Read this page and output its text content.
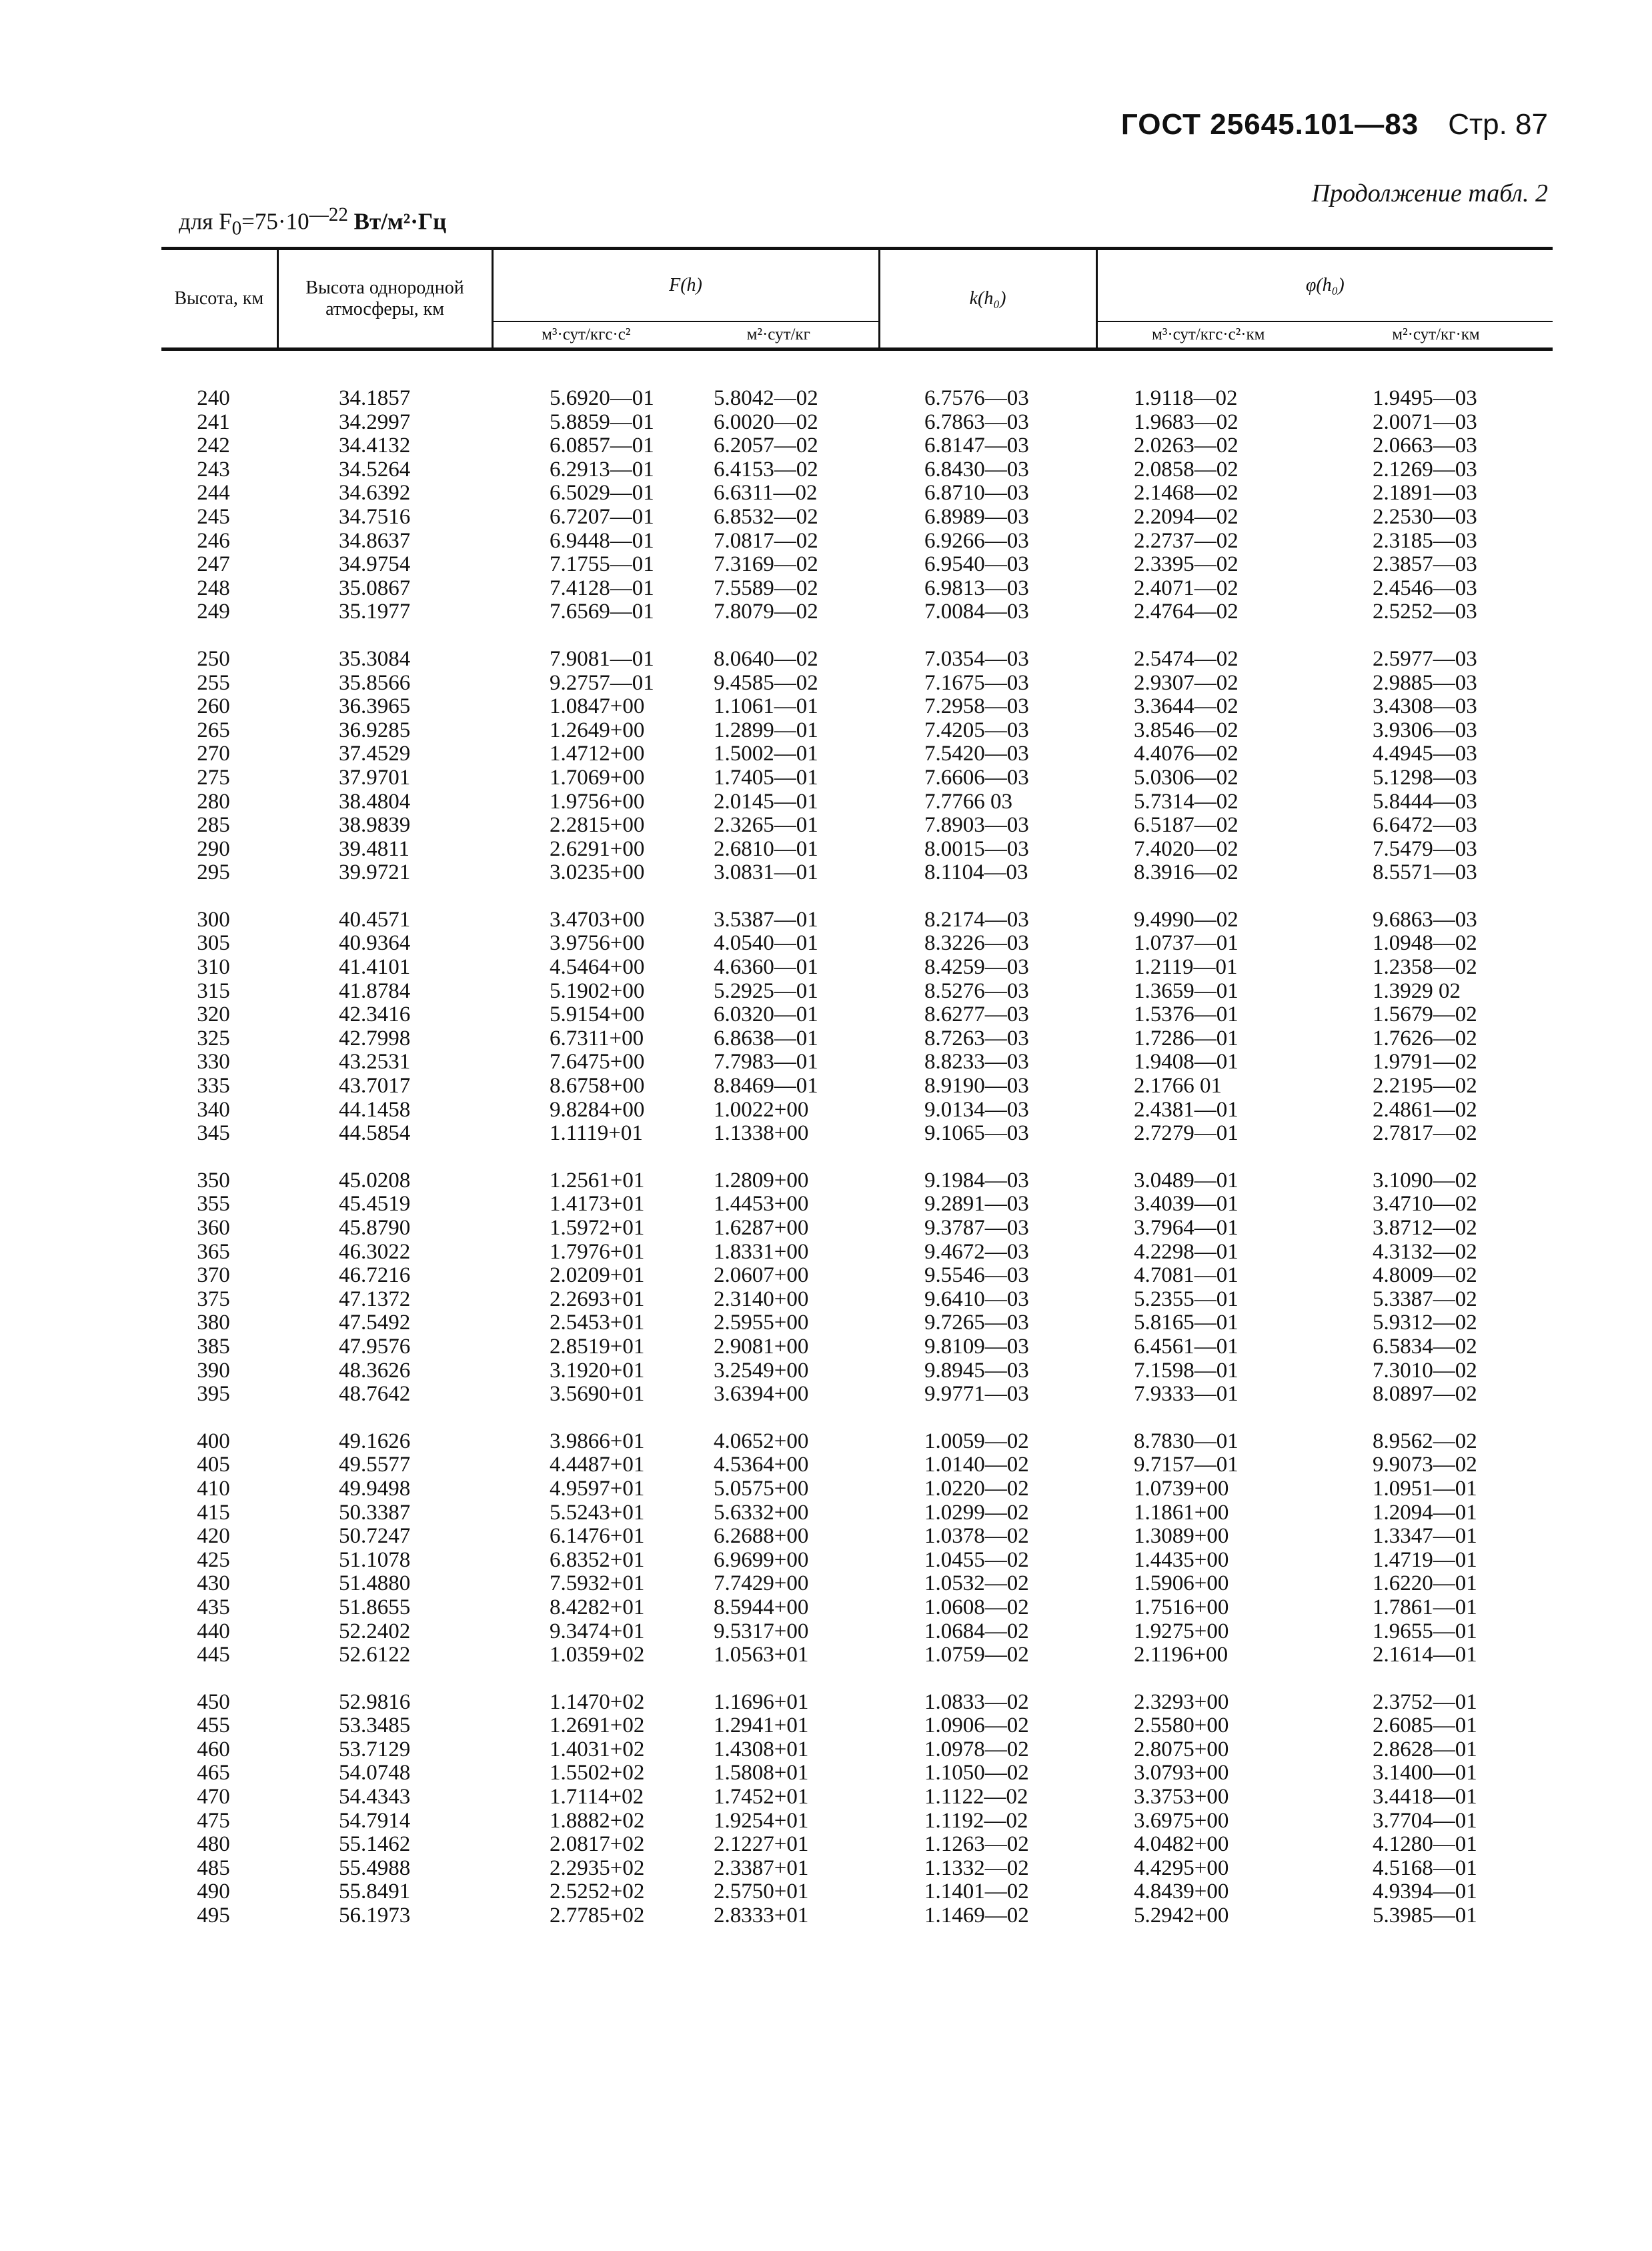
ГОСТ 25645.101—83 Стр. 87
Продолжение табл. 2
для $F_0=75\cdot 10^{—22}$ Вт/м²·Гц
Высота, км	Высота однородной атмосферы, км	F(h)		k(h₀)	φ(h₀)	
		м³·сут/кгс·с²	м²·сут/кг		м³·сут/кгс·с²·км	м²·сут/кг·км

240	34.1857	5.6920—01	5.8042—02	6.7576—03	1.9118—02	1.9495—03
241	34.2997	5.8859—01	6.0020—02	6.7863—03	1.9683—02	2.0071—03
242	34.4132	6.0857—01	6.2057—02	6.8147—03	2.0263—02	2.0663—03
243	34.5264	6.2913—01	6.4153—02	6.8430—03	2.0858—02	2.1269—03
244	34.6392	6.5029—01	6.6311—02	6.8710—03	2.1468—02	2.1891—03
245	34.7516	6.7207—01	6.8532—02	6.8989—03	2.2094—02	2.2530—03
246	34.8637	6.9448—01	7.0817—02	6.9266—03	2.2737—02	2.3185—03
247	34.9754	7.1755—01	7.3169—02	6.9540—03	2.3395—02	2.3857—03
248	35.0867	7.4128—01	7.5589—02	6.9813—03	2.4071—02	2.4546—03
249	35.1977	7.6569—01	7.8079—02	7.0084—03	2.4764—02	2.5252—03

250	35.3084	7.9081—01	8.0640—02	7.0354—03	2.5474—02	2.5977—03
255	35.8566	9.2757—01	9.4585—02	7.1675—03	2.9307—02	2.9885—03
260	36.3965	1.0847+00	1.1061—01	7.2958—03	3.3644—02	3.4308—03
265	36.9285	1.2649+00	1.2899—01	7.4205—03	3.8546—02	3.9306—03
270	37.4529	1.4712+00	1.5002—01	7.5420—03	4.4076—02	4.4945—03
275	37.9701	1.7069+00	1.7405—01	7.6606—03	5.0306—02	5.1298—03
280	38.4804	1.9756+00	2.0145—01	7.7766 03	5.7314—02	5.8444—03
285	38.9839	2.2815+00	2.3265—01	7.8903—03	6.5187—02	6.6472—03
290	39.4811	2.6291+00	2.6810—01	8.0015—03	7.4020—02	7.5479—03
295	39.9721	3.0235+00	3.0831—01	8.1104—03	8.3916—02	8.5571—03

300	40.4571	3.4703+00	3.5387—01	8.2174—03	9.4990—02	9.6863—03
305	40.9364	3.9756+00	4.0540—01	8.3226—03	1.0737—01	1.0948—02
310	41.4101	4.5464+00	4.6360—01	8.4259—03	1.2119—01	1.2358—02
315	41.8784	5.1902+00	5.2925—01	8.5276—03	1.3659—01	1.3929 02
320	42.3416	5.9154+00	6.0320—01	8.6277—03	1.5376—01	1.5679—02
325	42.7998	6.7311+00	6.8638—01	8.7263—03	1.7286—01	1.7626—02
330	43.2531	7.6475+00	7.7983—01	8.8233—03	1.9408—01	1.9791—02
335	43.7017	8.6758+00	8.8469—01	8.9190—03	2.1766 01	2.2195—02
340	44.1458	9.8284+00	1.0022+00	9.0134—03	2.4381—01	2.4861—02
345	44.5854	1.1119+01	1.1338+00	9.1065—03	2.7279—01	2.7817—02

350	45.0208	1.2561+01	1.2809+00	9.1984—03	3.0489—01	3.1090—02
355	45.4519	1.4173+01	1.4453+00	9.2891—03	3.4039—01	3.4710—02
360	45.8790	1.5972+01	1.6287+00	9.3787—03	3.7964—01	3.8712—02
365	46.3022	1.7976+01	1.8331+00	9.4672—03	4.2298—01	4.3132—02
370	46.7216	2.0209+01	2.0607+00	9.5546—03	4.7081—01	4.8009—02
375	47.1372	2.2693+01	2.3140+00	9.6410—03	5.2355—01	5.3387—02
380	47.5492	2.5453+01	2.5955+00	9.7265—03	5.8165—01	5.9312—02
385	47.9576	2.8519+01	2.9081+00	9.8109—03	6.4561—01	6.5834—02
390	48.3626	3.1920+01	3.2549+00	9.8945—03	7.1598—01	7.3010—02
395	48.7642	3.5690+01	3.6394+00	9.9771—03	7.9333—01	8.0897—02

400	49.1626	3.9866+01	4.0652+00	1.0059—02	8.7830—01	8.9562—02
405	49.5577	4.4487+01	4.5364+00	1.0140—02	9.7157—01	9.9073—02
410	49.9498	4.9597+01	5.0575+00	1.0220—02	1.0739+00	1.0951—01
415	50.3387	5.5243+01	5.6332+00	1.0299—02	1.1861+00	1.2094—01
420	50.7247	6.1476+01	6.2688+00	1.0378—02	1.3089+00	1.3347—01
425	51.1078	6.8352+01	6.9699+00	1.0455—02	1.4435+00	1.4719—01
430	51.4880	7.5932+01	7.7429+00	1.0532—02	1.5906+00	1.6220—01
435	51.8655	8.4282+01	8.5944+00	1.0608—02	1.7516+00	1.7861—01
440	52.2402	9.3474+01	9.5317+00	1.0684—02	1.9275+00	1.9655—01
445	52.6122	1.0359+02	1.0563+01	1.0759—02	2.1196+00	2.1614—01

450	52.9816	1.1470+02	1.1696+01	1.0833—02	2.3293+00	2.3752—01
455	53.3485	1.2691+02	1.2941+01	1.0906—02	2.5580+00	2.6085—01
460	53.7129	1.4031+02	1.4308+01	1.0978—02	2.8075+00	2.8628—01
465	54.0748	1.5502+02	1.5808+01	1.1050—02	3.0793+00	3.1400—01
470	54.4343	1.7114+02	1.7452+01	1.1122—02	3.3753+00	3.4418—01
475	54.7914	1.8882+02	1.9254+01	1.1192—02	3.6975+00	3.7704—01
480	55.1462	2.0817+02	2.1227+01	1.1263—02	4.0482+00	4.1280—01
485	55.4988	2.2935+02	2.3387+01	1.1332—02	4.4295+00	4.5168—01
490	55.8491	2.5252+02	2.5750+01	1.1401—02	4.8439+00	4.9394—01
495	56.1973	2.7785+02	2.8333+01	1.1469—02	5.2942+00	5.3985—01
